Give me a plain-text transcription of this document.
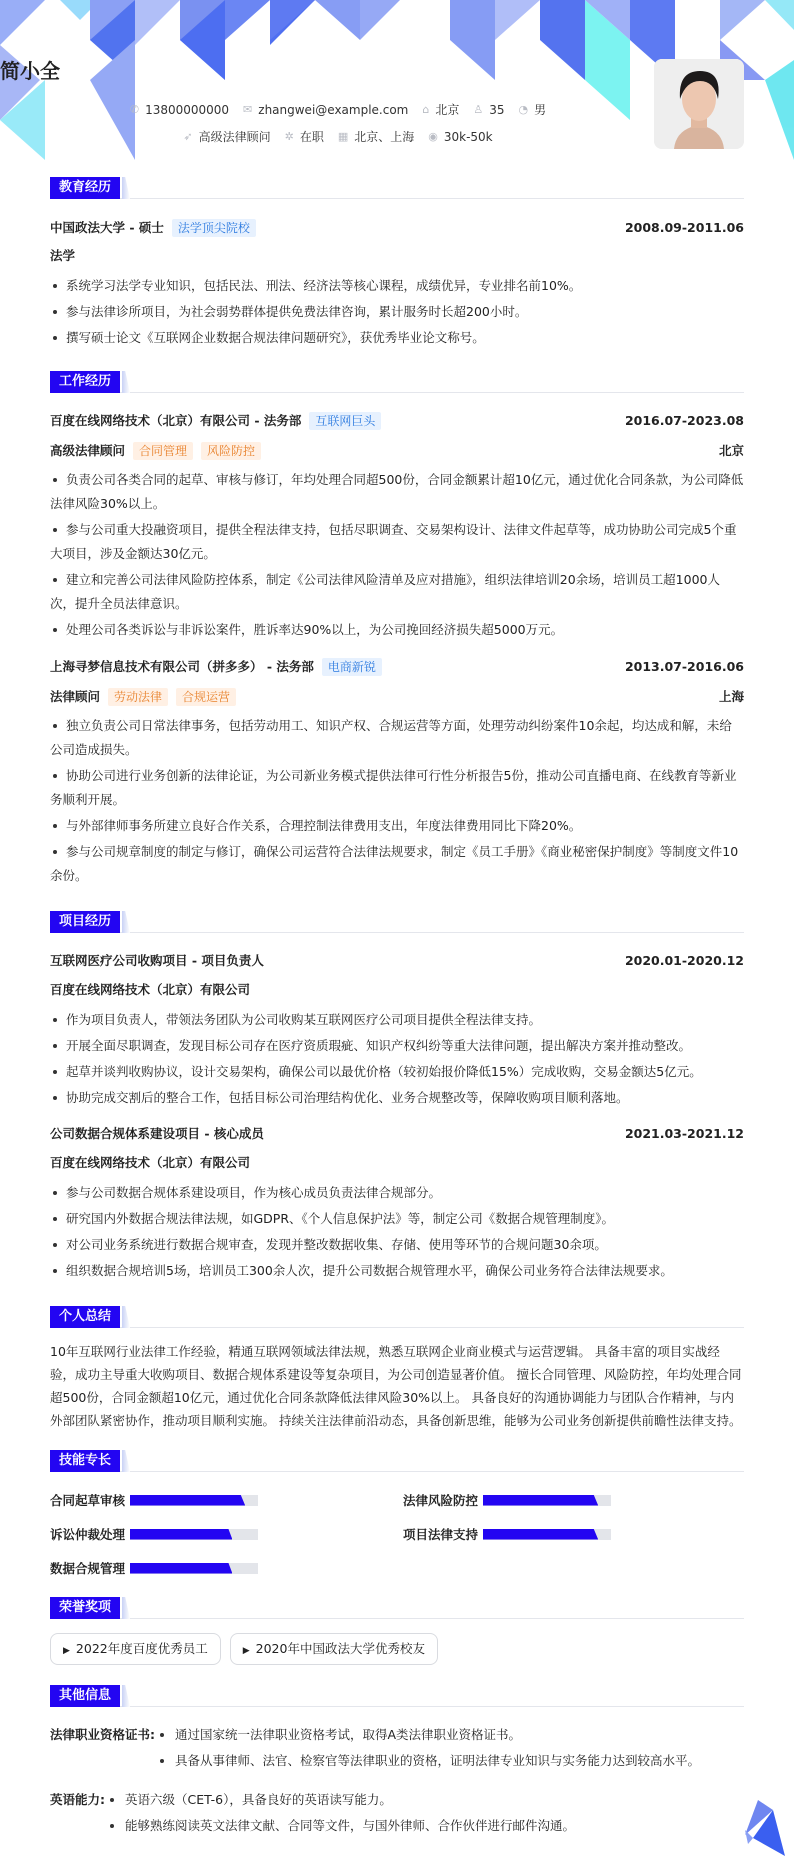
简小全
✆ 13800000000 ✉ zhangwei@example.com ⌂ 北京 ♙ 35 ◔ 男
➶ 高级法律顾问 ✲ 在职 ▦ 北京、上海 ◉ 30k-50k
教育经历
中国政法大学 - 硕士	法学顶尖院校	2008.09-2011.06
法学
系统学习法学专业知识，包括民法、刑法、经济法等核心课程，成绩优异，专业排名前10%。
参与法律诊所项目，为社会弱势群体提供免费法律咨询，累计服务时长超200小时。
撰写硕士论文《互联网企业数据合规法律问题研究》，获优秀毕业论文称号。
工作经历
百度在线网络技术（北京）有限公司 - 法务部	互联网巨头	2016.07-2023.08
高级法律顾问	合同管理	风险防控	北京
负责公司各类合同的起草、审核与修订，年均处理合同超500份，合同金额累计超10亿元，通过优化合同条款，为公司降低法律风险30%以上。
参与公司重大投融资项目，提供全程法律支持，包括尽职调查、交易架构设计、法律文件起草等，成功协助公司完成5个重大项目，涉及金额达30亿元。
建立和完善公司法律风险防控体系，制定《公司法律风险清单及应对措施》，组织法律培训20余场，培训员工超1000人次，提升全员法律意识。
处理公司各类诉讼与非诉讼案件，胜诉率达90%以上，为公司挽回经济损失超5000万元。
上海寻梦信息技术有限公司（拼多多） - 法务部	电商新锐	2013.07-2016.06
法律顾问	劳动法律	合规运营	上海
独立负责公司日常法律事务，包括劳动用工、知识产权、合规运营等方面，处理劳动纠纷案件10余起，均达成和解，未给公司造成损失。
协助公司进行业务创新的法律论证，为公司新业务模式提供法律可行性分析报告5份，推动公司直播电商、在线教育等新业务顺利开展。
与外部律师事务所建立良好合作关系，合理控制法律费用支出，年度法律费用同比下降20%。
参与公司规章制度的制定与修订，确保公司运营符合法律法规要求，制定《员工手册》《商业秘密保护制度》等制度文件10余份。
项目经历
互联网医疗公司收购项目 - 项目负责人	2020.01-2020.12
百度在线网络技术（北京）有限公司
作为项目负责人，带领法务团队为公司收购某互联网医疗公司项目提供全程法律支持。
开展全面尽职调查，发现目标公司存在医疗资质瑕疵、知识产权纠纷等重大法律问题，提出解决方案并推动整改。
起草并谈判收购协议，设计交易架构，确保公司以最优价格（较初始报价降低15%）完成收购，交易金额达5亿元。
协助完成交割后的整合工作，包括目标公司治理结构优化、业务合规整改等，保障收购项目顺利落地。
公司数据合规体系建设项目 - 核心成员	2021.03-2021.12
百度在线网络技术（北京）有限公司
参与公司数据合规体系建设项目，作为核心成员负责法律合规部分。
研究国内外数据合规法律法规，如GDPR、《个人信息保护法》等，制定公司《数据合规管理制度》。
对公司业务系统进行数据合规审查，发现并整改数据收集、存储、使用等环节的合规问题30余项。
组织数据合规培训5场，培训员工300余人次，提升公司数据合规管理水平，确保公司业务符合法律法规要求。
个人总结
10年互联网行业法律工作经验，精通互联网领域法律法规，熟悉互联网企业商业模式与运营逻辑。 具备丰富的项目实战经验，成功主导重大收购项目、数据合规体系建设等复杂项目，为公司创造显著价值。 擅长合同管理、风险防控，年均处理合同超500份，合同金额超10亿元，通过优化合同条款降低法律风险30%以上。 具备良好的沟通协调能力与团队合作精神，与内外部团队紧密协作，推动项目顺利实施。 持续关注法律前沿动态，具备创新思维，能够为公司业务创新提供前瞻性法律支持。
技能专长
合同起草审核	法律风险防控
诉讼仲裁处理	项目法律支持
数据合规管理
荣誉奖项
▶ 2022年度百度优秀员工	▶ 2020年中国政法大学优秀校友
其他信息
法律职业资格证书:	通过国家统一法律职业资格考试，取得A类法律职业资格证书。
具备从事律师、法官、检察官等法律职业的资格，证明法律专业知识与实务能力达到较高水平。
英语能力:	英语六级（CET-6），具备良好的英语读写能力。
能够熟练阅读英文法律文献、合同等文件，与国外律师、合作伙伴进行邮件沟通。
